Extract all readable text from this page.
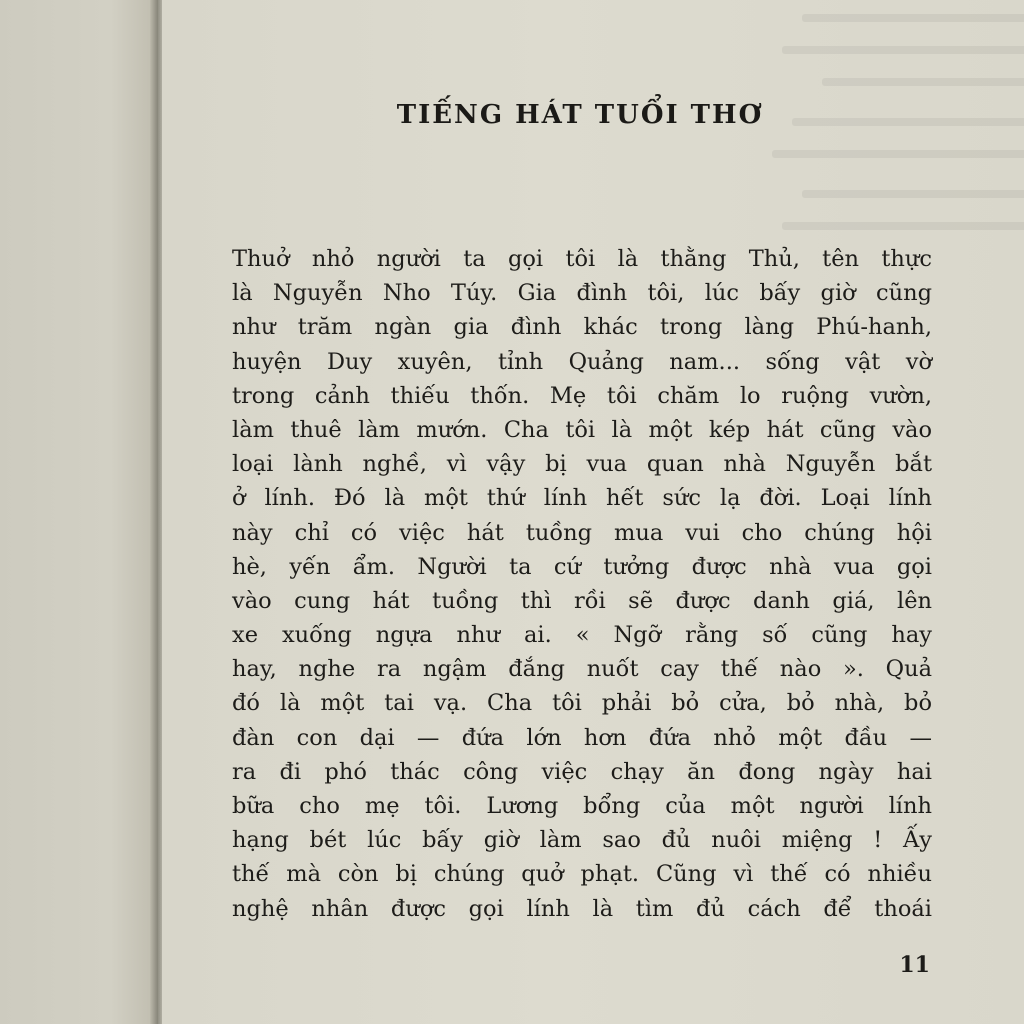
TIẾNG HÁT TUỔI THƠ
Thuở nhỏ người ta gọi tôi là thằng Thủ, tên thực
là Nguyễn Nho Túy. Gia đình tôi, lúc bấy giờ cũng
như trăm ngàn gia đình khác trong làng Phú-hanh,
huyện Duy xuyên, tỉnh Quảng nam... sống vật vờ
trong cảnh thiếu thốn. Mẹ tôi chăm lo ruộng vườn,
làm thuê làm mướn. Cha tôi là một kép hát cũng vào
loại lành nghề, vì vậy bị vua quan nhà Nguyễn bắt
ở lính. Đó là một thứ lính hết sức lạ đời. Loại lính
này chỉ có việc hát tuồng mua vui cho chúng hội
hè, yến ẩm. Người ta cứ tưởng được nhà vua gọi
vào cung hát tuồng thì rồi sẽ được danh giá, lên
xe xuống ngựa như ai. « Ngỡ rằng số cũng hay
hay, nghe ra ngậm đắng nuốt cay thế nào ». Quả
đó là một tai vạ. Cha tôi phải bỏ cửa, bỏ nhà, bỏ
đàn con dại — đứa lớn hơn đứa nhỏ một đầu —
ra đi phó thác công việc chạy ăn đong ngày hai
bữa cho mẹ tôi. Lương bổng của một người lính
hạng bét lúc bấy giờ làm sao đủ nuôi miệng ! Ấy
thế mà còn bị chúng quở phạt. Cũng vì thế có nhiều
nghệ nhân được gọi lính là tìm đủ cách để thoái
11
